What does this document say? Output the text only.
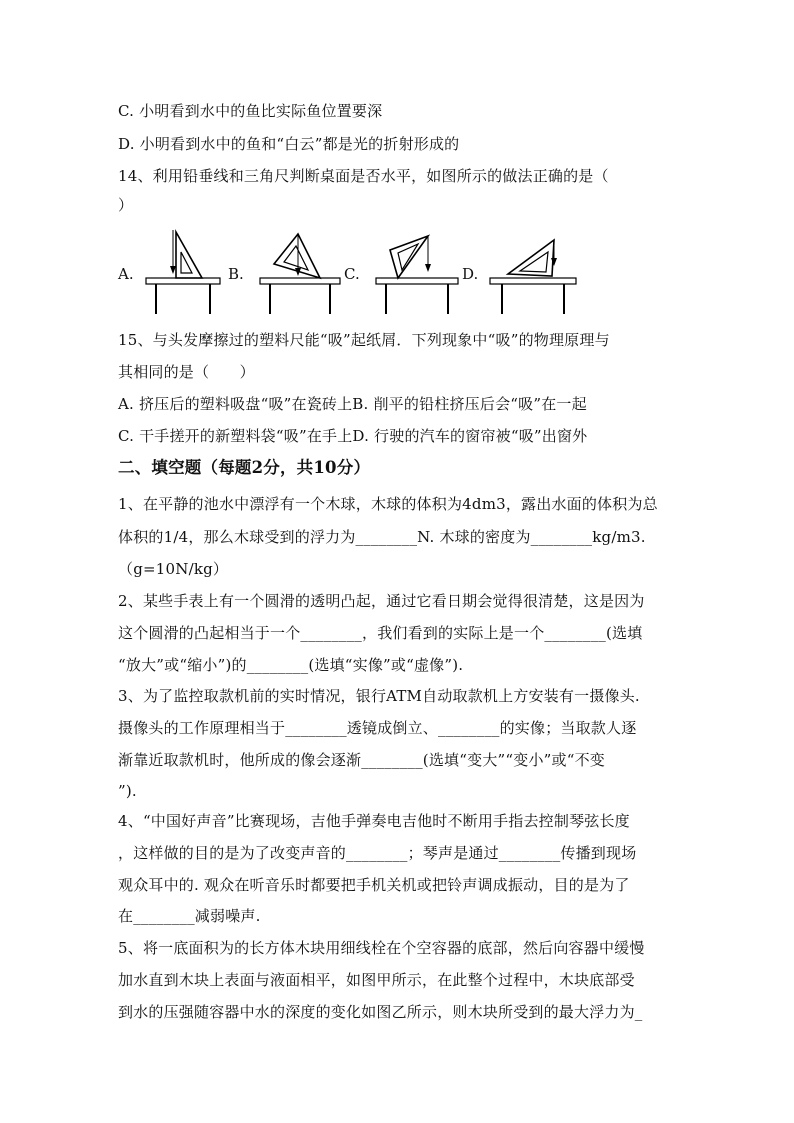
C. 小明看到水中的鱼比实际鱼位置要深
D. 小明看到水中的鱼和“白云”都是光的折射形成的
14、利用铅垂线和三角尺判断桌面是否水平，如图所示的做法正确的是（
）
A.	B.	C.	D.
15、与头发摩擦过的塑料尺能“吸”起纸屑．下列现象中“吸”的物理原理与
其相同的是（　　）
A. 挤压后的塑料吸盘“吸”在瓷砖上B. 削平的铅柱挤压后会“吸”在一起
C. 干手搓开的新塑料袋“吸”在手上D. 行驶的汽车的窗帘被“吸”出窗外
二、填空题（每题2分，共10分）
1、在平静的池水中漂浮有一个木球，木球的体积为4dm3，露出水面的体积为总
体积的1/4，那么木球受到的浮力为________N. 木球的密度为________kg/m3.
（g=10N/kg）
2、某些手表上有一个圆滑的透明凸起，通过它看日期会觉得很清楚，这是因为
这个圆滑的凸起相当于一个________，我们看到的实际上是一个________(选填
“放大”或“缩小”)的________(选填“实像”或“虚像”).
3、为了监控取款机前的实时情况，银行ATM自动取款机上方安装有一摄像头.
摄像头的工作原理相当于________透镜成倒立、________的实像；当取款人逐
渐靠近取款机时，他所成的像会逐渐________(选填“变大”“变小”或“不变
”).
4、“中国好声音”比赛现场，吉他手弹奏电吉他时不断用手指去控制琴弦长度
，这样做的目的是为了改变声音的________；琴声是通过________传播到现场
观众耳中的. 观众在听音乐时都要把手机关机或把铃声调成振动，目的是为了
在________减弱噪声.
5、将一底面积为的长方体木块用细线栓在个空容器的底部，然后向容器中缓慢
加水直到木块上表面与液面相平，如图甲所示，在此整个过程中，木块底部受
到水的压强随容器中水的深度的变化如图乙所示，则木块所受到的最大浮力为_
